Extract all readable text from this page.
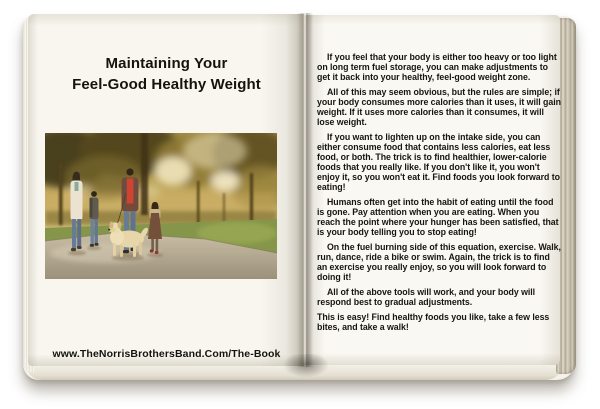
Maintaining Your
Feel-Good Healthy Weight
www.TheNorrisBrothersBand.Com/The-Book

If you feel that your body is either too heavy or too light on long term fuel storage, you can make adjustments to get it back into your healthy, feel-good weight zone.

All of this may seem obvious, but the rules are simple; if your body consumes more calories than it uses, it will gain weight. If it uses more calories than it consumes, it will lose weight.

If you want to lighten up on the intake side, you can either consume food that contains less calories, eat less food, or both. The trick is to find healthier, lower-calorie foods that you really like. If you don't like it, you won't enjoy it, so you won't eat it. Find foods you look forward to eating!

Humans often get into the habit of eating until the food is gone. Pay attention when you are eating. When you reach the point where your hunger has been satisfied, that is your body telling you to stop eating!

On the fuel burning side of this equation, exercise. Walk, run, dance, ride a bike or swim. Again, the trick is to find an exercise you really enjoy, so you will look forward to doing it!

All of the above tools will work, and your body will respond best to gradual adjustments.

This is easy! Find healthy foods you like, take a few less bites, and take a walk!
